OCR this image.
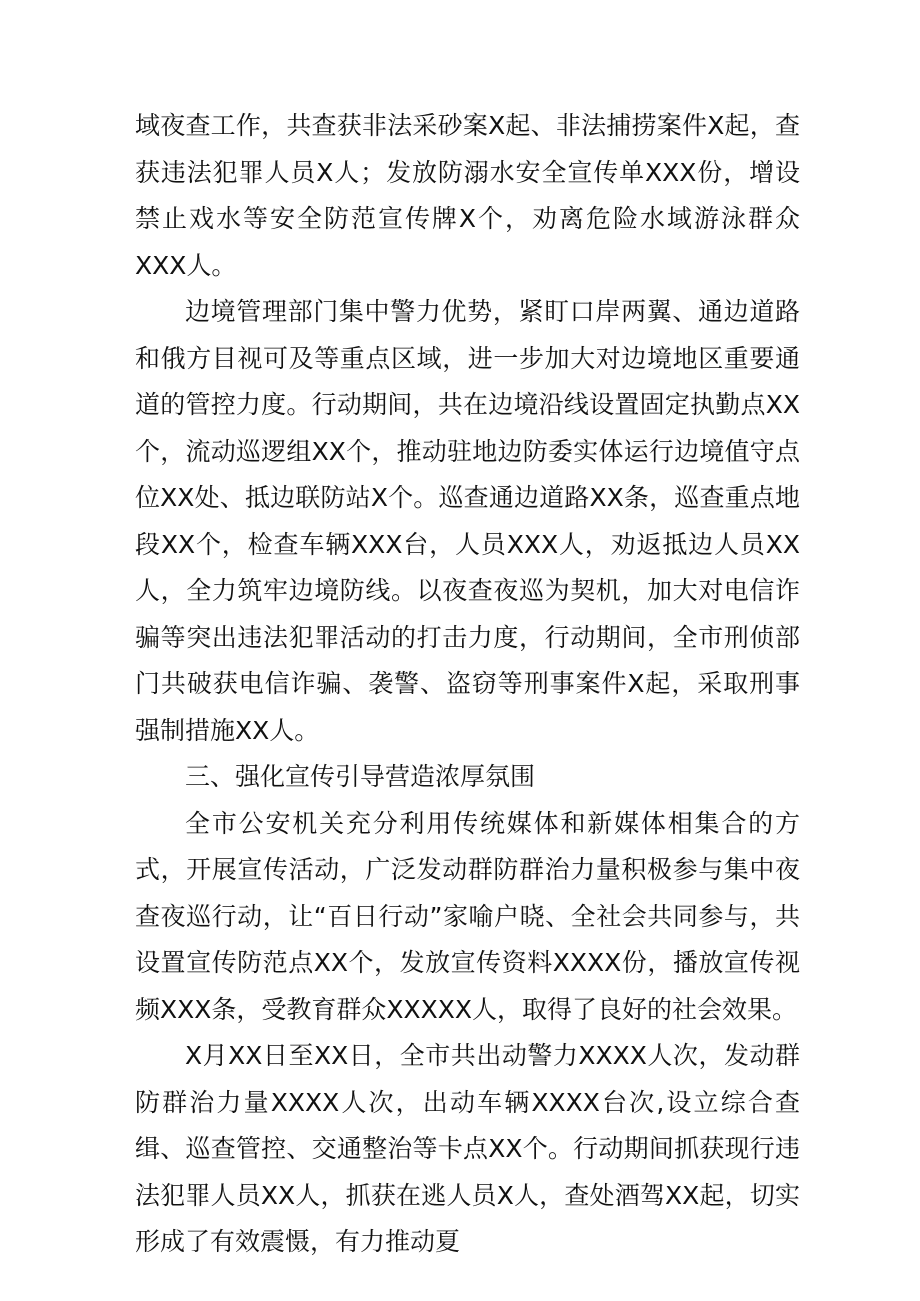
域夜查工作，共查获非法采砂案X起、非法捕捞案件X起，查获违法犯罪人员X人；发放防溺水安全宣传单XXX份，增设禁止戏水等安全防范宣传牌X个，劝离危险水域游泳群众XXX人。

边境管理部门集中警力优势，紧盯口岸两翼、通边道路和俄方目视可及等重点区域，进一步加大对边境地区重要通道的管控力度。行动期间，共在边境沿线设置固定执勤点XX个，流动巡逻组XX个，推动驻地边防委实体运行边境值守点位XX处、抵边联防站X个。巡查通边道路XX条，巡查重点地段XX个，检查车辆XXX台，人员XXX人，劝返抵边人员XX人，全力筑牢边境防线。以夜查夜巡为契机，加大对电信诈骗等突出违法犯罪活动的打击力度，行动期间，全市刑侦部门共破获电信诈骗、袭警、盗窃等刑事案件X起，采取刑事强制措施XX人。

三、强化宣传引导营造浓厚氛围

全市公安机关充分利用传统媒体和新媒体相集合的方式，开展宣传活动，广泛发动群防群治力量积极参与集中夜查夜巡行动，让“百日行动”家喻户晓、全社会共同参与，共设置宣传防范点XX个，发放宣传资料XXXX份，播放宣传视频XXX条，受教育群众XXXXX人，取得了良好的社会效果。

X月XX日至XX日，全市共出动警力XXXX人次，发动群防群治力量XXXX人次，出动车辆XXXX台次,设立综合查缉、巡查管控、交通整治等卡点XX个。行动期间抓获现行违法犯罪人员XX人，抓获在逃人员X人，查处酒驾XX起，切实形成了有效震慑，有力推动夏
